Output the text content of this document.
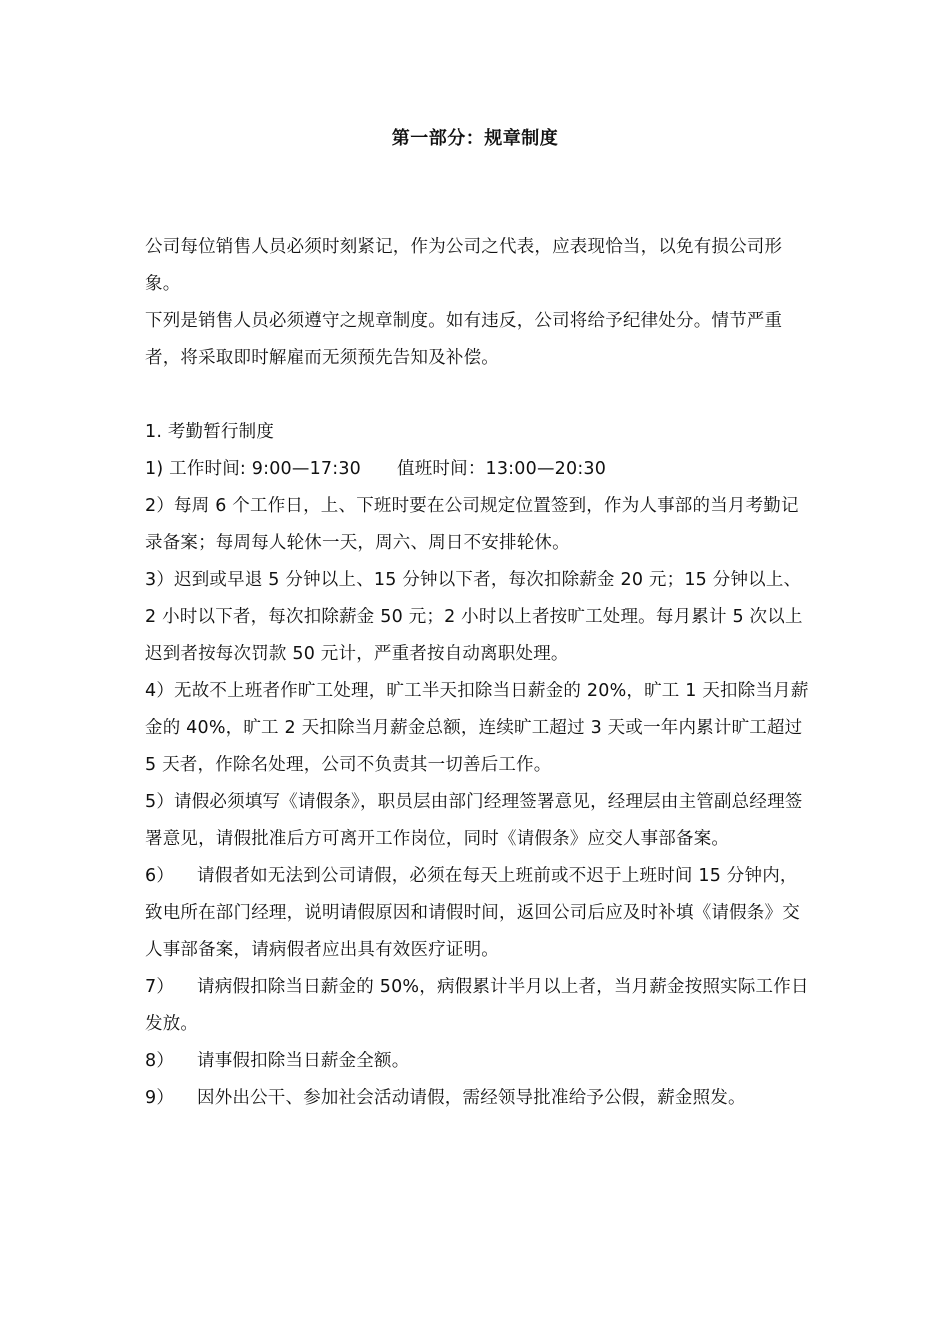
第一部分：规章制度

公司每位销售人员必须时刻紧记，作为公司之代表，应表现恰当，以免有损公司形象。

下列是销售人员必须遵守之规章制度。如有违反，公司将给予纪律处分。情节严重者，将采取即时解雇而无须预先告知及补偿。

1. 考勤暂行制度

1) 工作时间: 9:00—17:30 值班时间：13:00—20:30

2）每周 6 个工作日，上、下班时要在公司规定位置签到，作为人事部的当月考勤记录备案；每周每人轮休一天，周六、周日不安排轮休。

3）迟到或早退 5 分钟以上、15 分钟以下者，每次扣除薪金 20 元；15 分钟以上、2 小时以下者，每次扣除薪金 50 元；2 小时以上者按旷工处理。每月累计 5 次以上迟到者按每次罚款 50 元计，严重者按自动离职处理。

4）无故不上班者作旷工处理，旷工半天扣除当日薪金的 20%，旷工 1 天扣除当月薪金的 40%，旷工 2 天扣除当月薪金总额，连续旷工超过 3 天或一年内累计旷工超过 5 天者，作除名处理，公司不负责其一切善后工作。

5）请假必须填写《请假条》，职员层由部门经理签署意见，经理层由主管副总经理签署意见，请假批准后方可离开工作岗位，同时《请假条》应交人事部备案。

6） 请假者如无法到公司请假，必须在每天上班前或不迟于上班时间 15 分钟内，致电所在部门经理，说明请假原因和请假时间，返回公司后应及时补填《请假条》交人事部备案，请病假者应出具有效医疗证明。

7） 请病假扣除当日薪金的 50%，病假累计半月以上者，当月薪金按照实际工作日发放。

8） 请事假扣除当日薪金全额。

9） 因外出公干、参加社会活动请假，需经领导批准给予公假，薪金照发。
